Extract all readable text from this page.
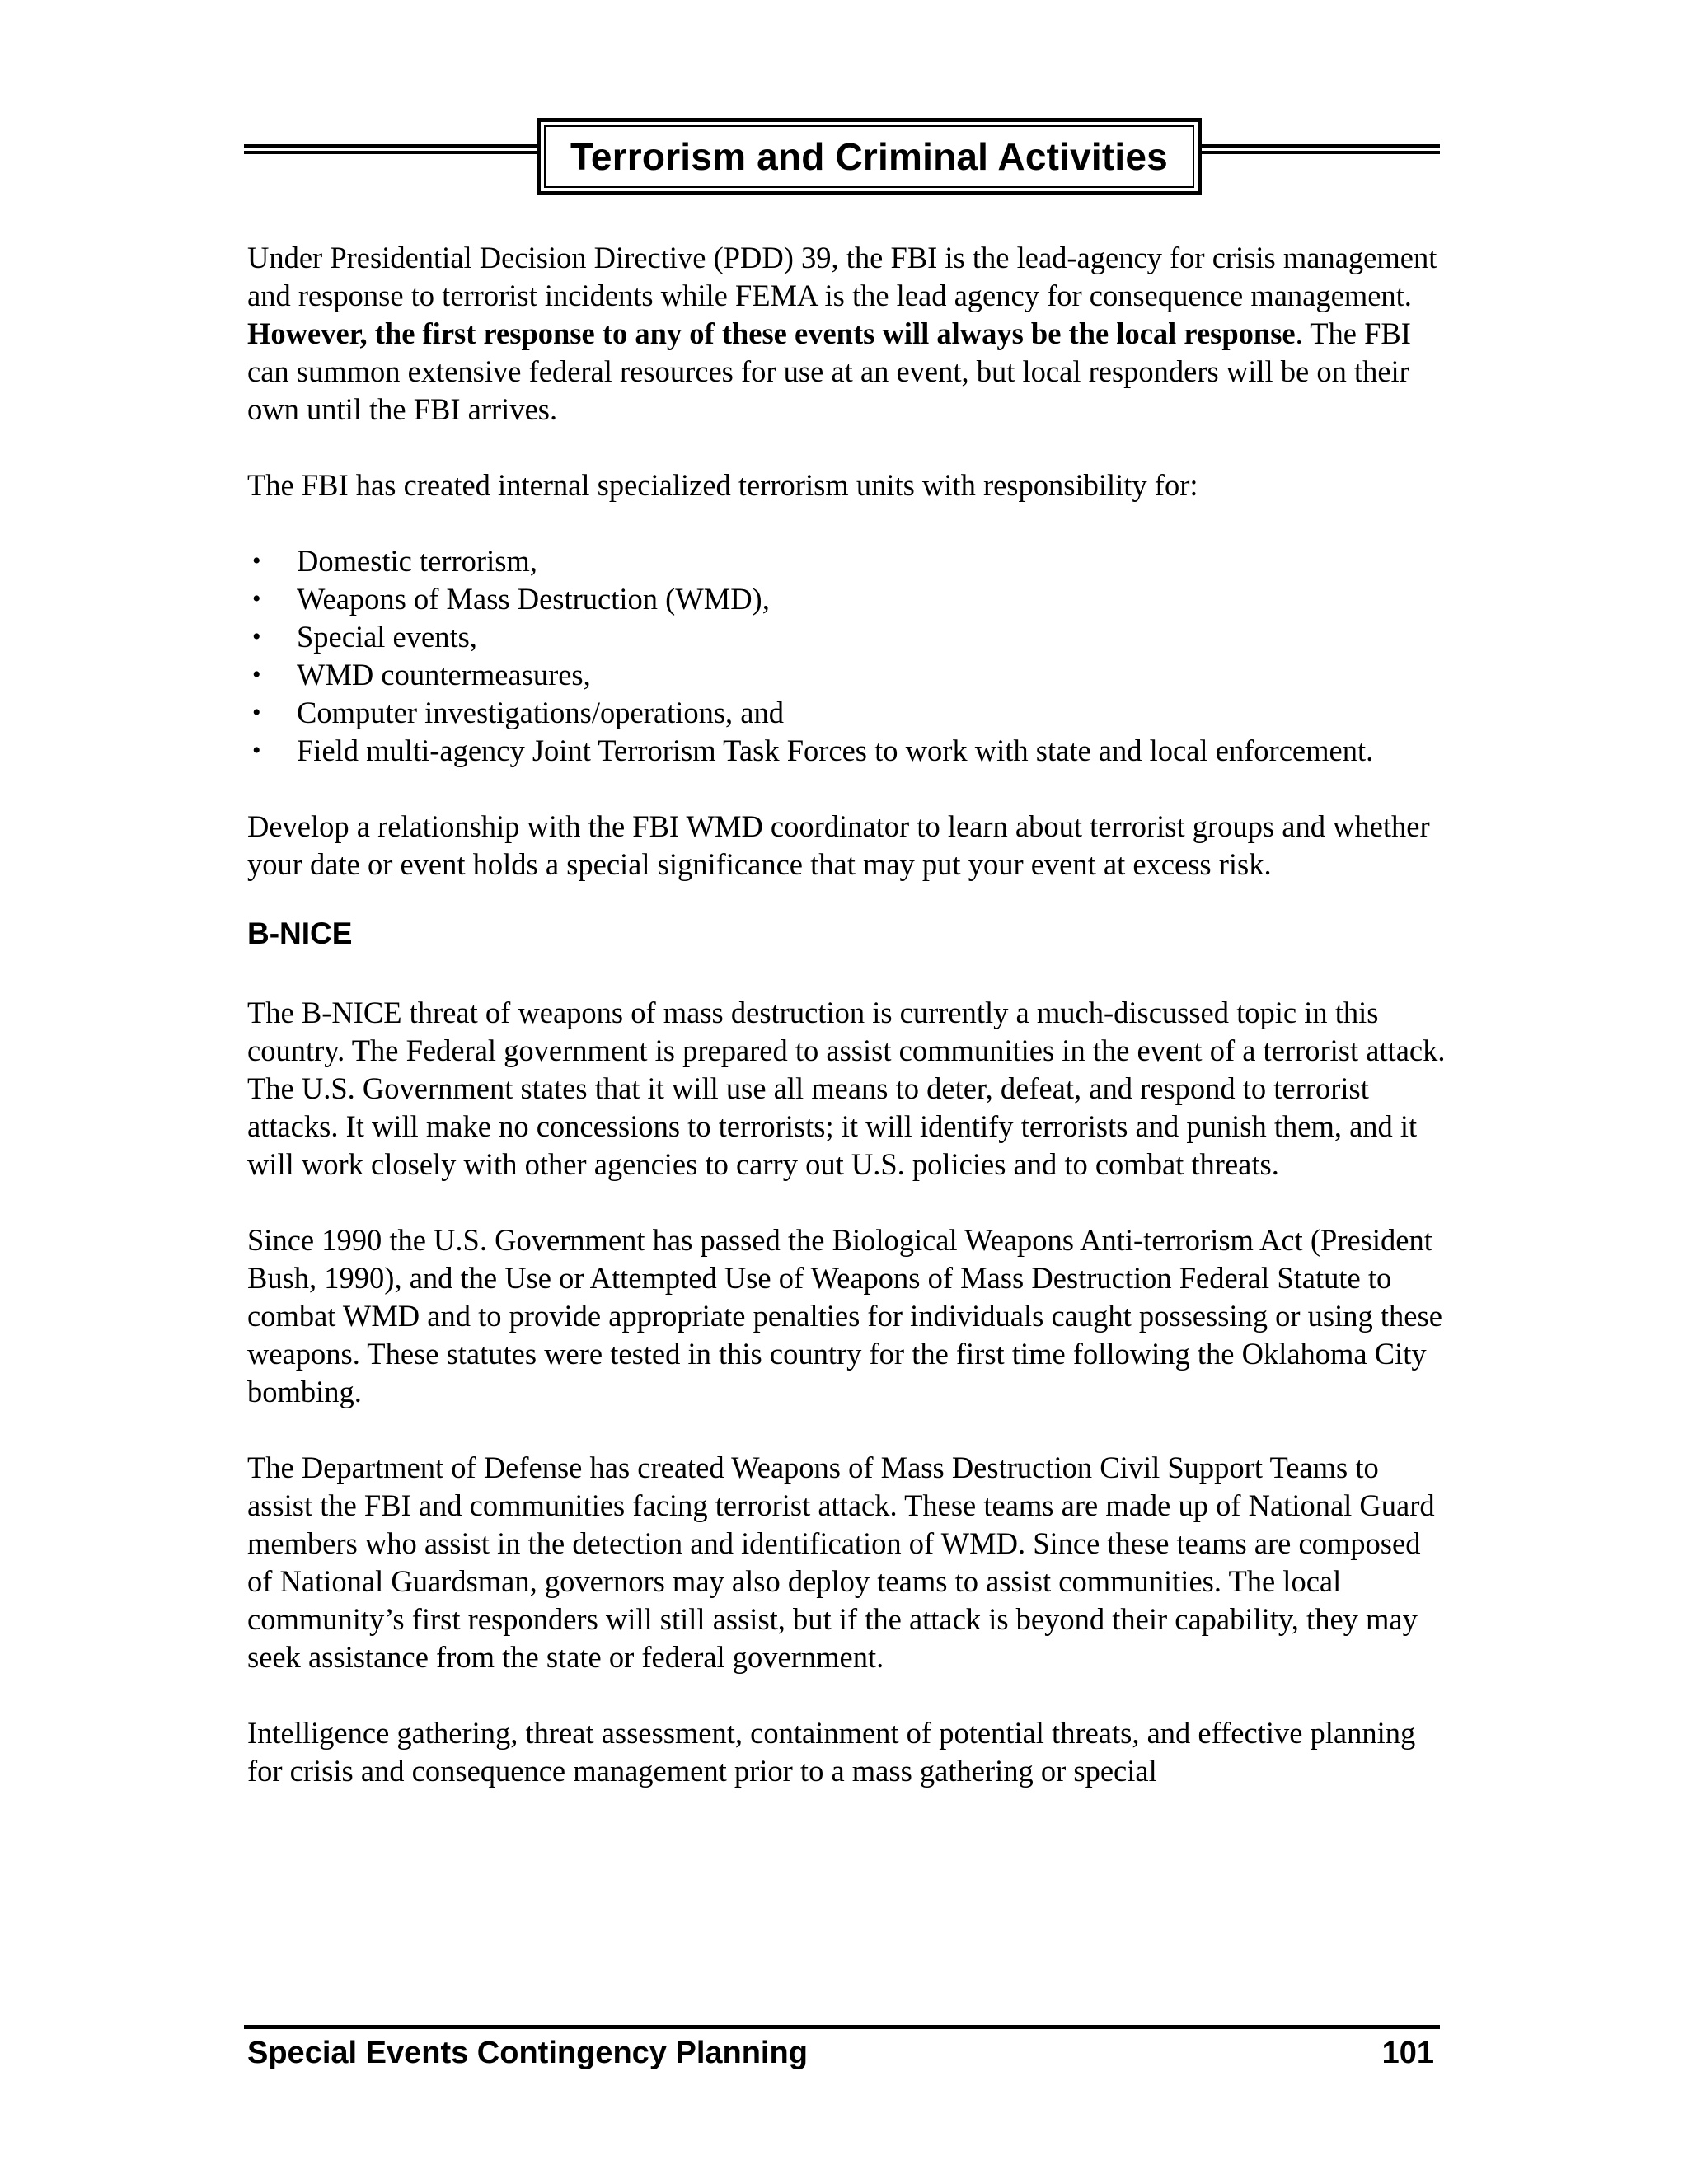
Terrorism and Criminal Activities

Under Presidential Decision Directive (PDD) 39, the FBI is the lead-agency for crisis management and response to terrorist incidents while FEMA is the lead agency for consequence management. However, the first response to any of these events will always be the local response. The FBI can summon extensive federal resources for use at an event, but local responders will be on their own until the FBI arrives.

The FBI has created internal specialized terrorism units with responsibility for:

• Domestic terrorism,
• Weapons of Mass Destruction (WMD),
• Special events,
• WMD countermeasures,
• Computer investigations/operations, and
• Field multi-agency Joint Terrorism Task Forces to work with state and local enforcement.

Develop a relationship with the FBI WMD coordinator to learn about terrorist groups and whether your date or event holds a special significance that may put your event at excess risk.

B-NICE

The B-NICE threat of weapons of mass destruction is currently a much-discussed topic in this country. The Federal government is prepared to assist communities in the event of a terrorist attack. The U.S. Government states that it will use all means to deter, defeat, and respond to terrorist attacks. It will make no concessions to terrorists; it will identify terrorists and punish them, and it will work closely with other agencies to carry out U.S. policies and to combat threats.

Since 1990 the U.S. Government has passed the Biological Weapons Anti-terrorism Act (President Bush, 1990), and the Use or Attempted Use of Weapons of Mass Destruction Federal Statute to combat WMD and to provide appropriate penalties for individuals caught possessing or using these weapons. These statutes were tested in this country for the first time following the Oklahoma City bombing.

The Department of Defense has created Weapons of Mass Destruction Civil Support Teams to assist the FBI and communities facing terrorist attack. These teams are made up of National Guard members who assist in the detection and identification of WMD. Since these teams are composed of National Guardsman, governors may also deploy teams to assist communities. The local community’s first responders will still assist, but if the attack is beyond their capability, they may seek assistance from the state or federal government.

Intelligence gathering, threat assessment, containment of potential threats, and effective planning for crisis and consequence management prior to a mass gathering or special

Special Events Contingency Planning	101
